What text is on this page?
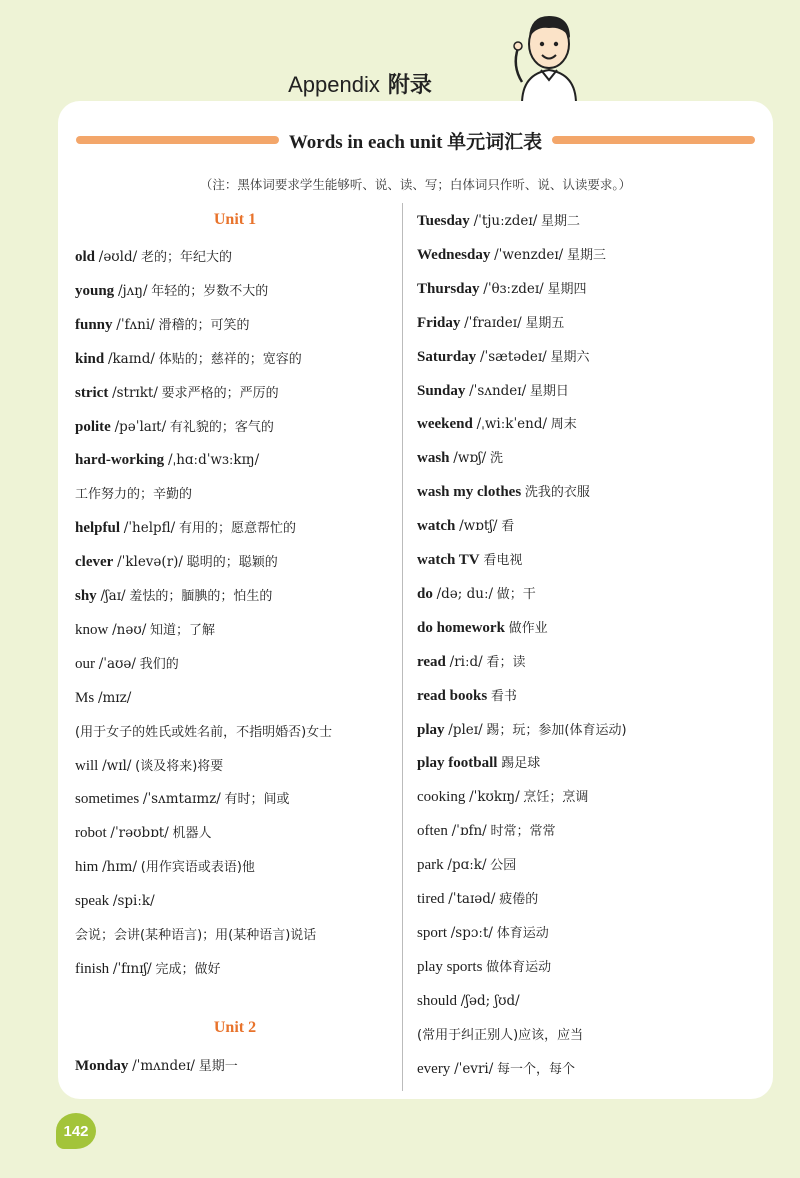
Appendix 附录
Words in each unit 单元词汇表
（注：黑体词要求学生能够听、说、读、写；白体词只作听、说、认读要求。）
Unit 1
Unit 2
old /əʊld/ 老的；年纪大的
young /jʌŋ/ 年轻的；岁数不大的
funny /ˈfʌni/ 滑稽的；可笑的
kind /kaɪnd/ 体贴的；慈祥的；宽容的
strict /strɪkt/ 要求严格的；严厉的
polite /pəˈlaɪt/ 有礼貌的；客气的
hard-working /ˌhɑːdˈwɜːkɪŋ/
工作努力的；辛勤的
helpful /ˈhelpfl/ 有用的；愿意帮忙的
clever /ˈklevə(r)/ 聪明的；聪颖的
shy /ʃaɪ/ 羞怯的；腼腆的；怕生的
know /nəʊ/ 知道；了解
our /ˈaʊə/ 我们的
Ms /mɪz/
(用于女子的姓氏或姓名前，不指明婚否)女士
will /wɪl/ (谈及将来)将要
sometimes /ˈsʌmtaɪmz/ 有时；间或
robot /ˈrəʊbɒt/ 机器人
him /hɪm/ (用作宾语或表语)他
speak /spiːk/
会说；会讲(某种语言)；用(某种语言)说话
finish /ˈfɪnɪʃ/ 完成；做好
Monday /ˈmʌndeɪ/ 星期一
Tuesday /ˈtjuːzdeɪ/ 星期二
Wednesday /ˈwenzdeɪ/ 星期三
Thursday /ˈθɜːzdeɪ/ 星期四
Friday /ˈfraɪdeɪ/ 星期五
Saturday /ˈsætədeɪ/ 星期六
Sunday /ˈsʌndeɪ/ 星期日
weekend /ˌwiːkˈend/ 周末
wash /wɒʃ/ 洗
wash my clothes 洗我的衣服
watch /wɒtʃ/ 看
watch TV 看电视
do /də; duː/ 做；干
do homework 做作业
read /riːd/ 看；读
read books 看书
play /pleɪ/ 踢；玩；参加(体育运动)
play football 踢足球
cooking /ˈkʊkɪŋ/ 烹饪；烹调
often /ˈɒfn/ 时常；常常
park /pɑːk/ 公园
tired /ˈtaɪəd/ 疲倦的
sport /spɔːt/ 体育运动
play sports 做体育运动
should /ʃəd; ʃʊd/
(常用于纠正别人)应该，应当
every /ˈevri/ 每一个，每个
142
